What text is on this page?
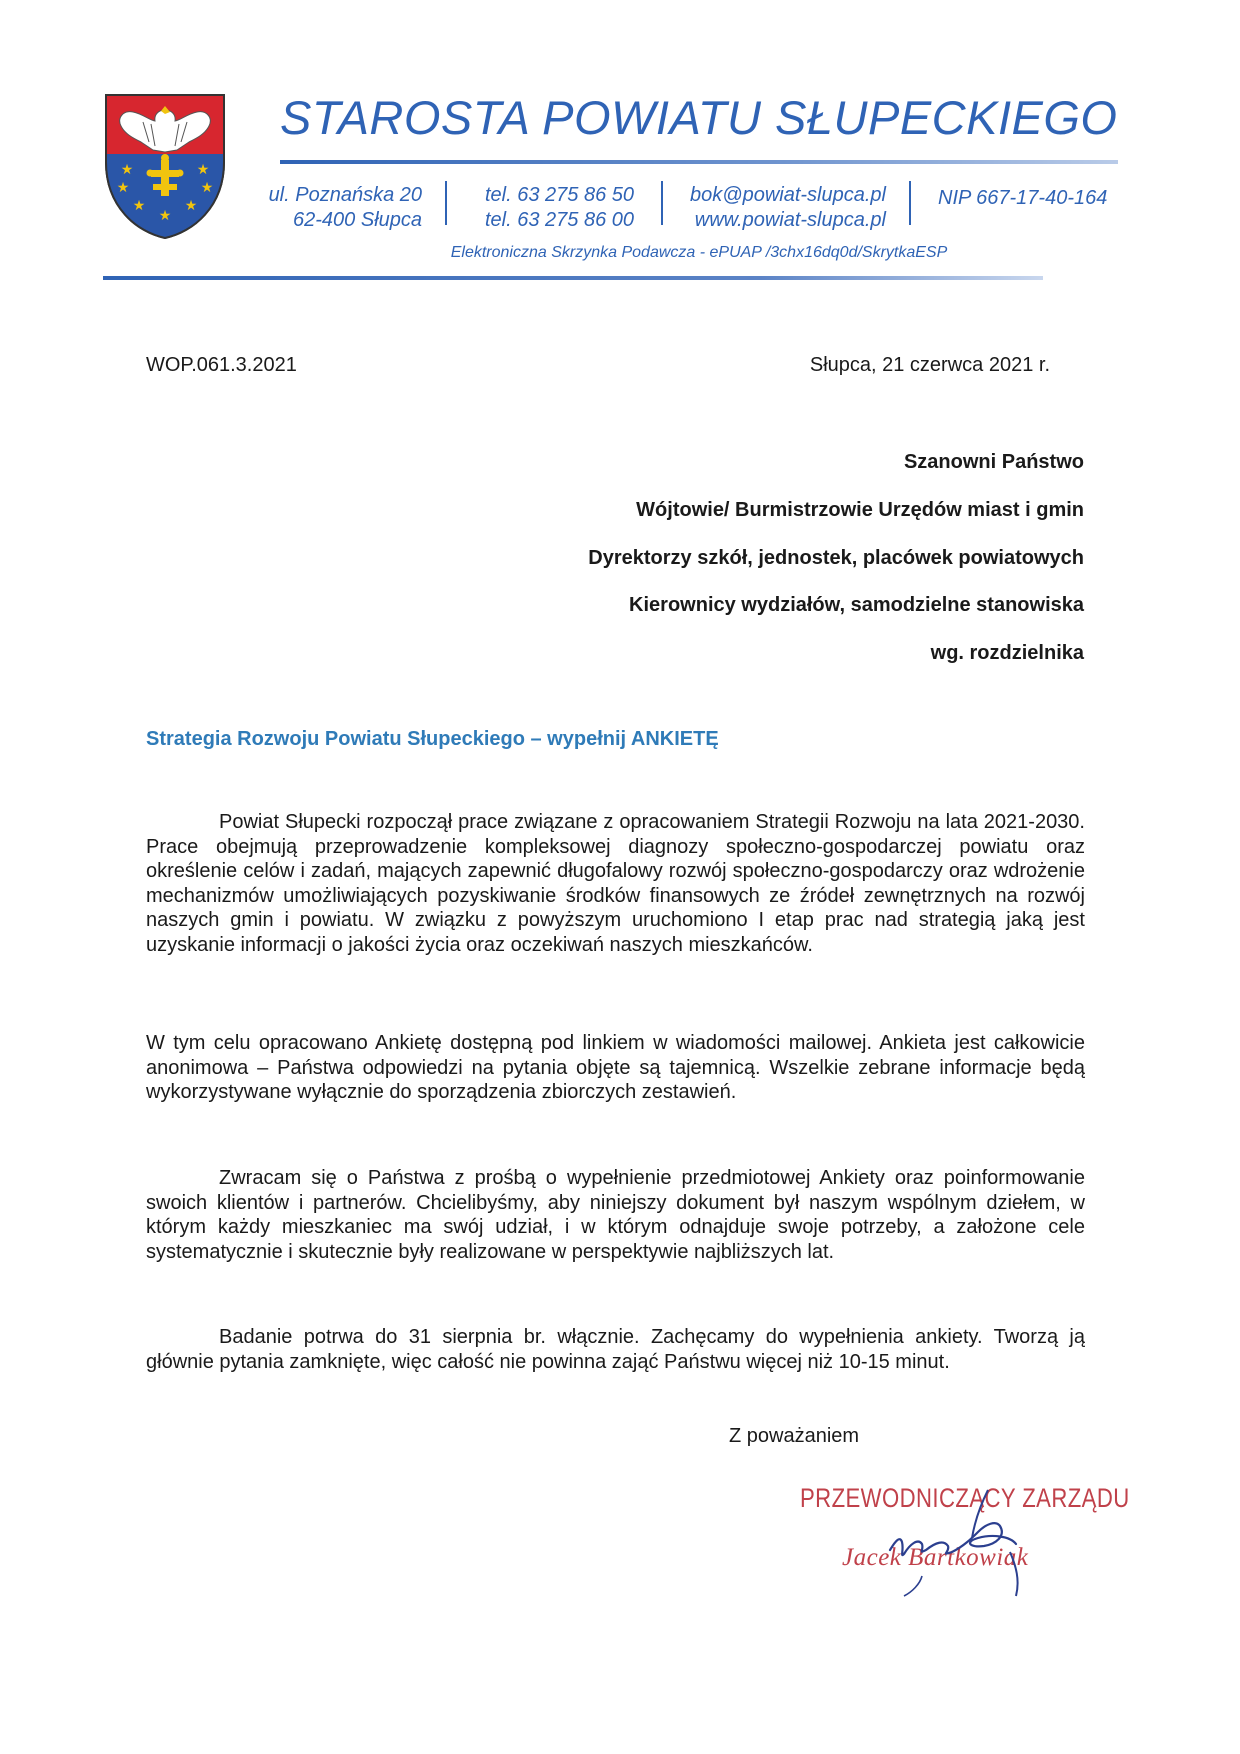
★	★
★	★
★	★
★
STAROSTA POWIATU SŁUPECKIEGO
ul. Poznańska 20
62-400 Słupca
tel. 63 275 86 50
tel. 63 275 86 00
bok@powiat-slupca.pl
www.powiat-slupca.pl
NIP 667-17-40-164
Elektroniczna Skrzynka Podawcza - ePUAP /3chx16dq0d/SkrytkaESP
WOP.061.3.2021	Słupca, 21 czerwca 2021 r.
Szanowni Państwo
Wójtowie/ Burmistrzowie Urzędów miast i gmin
Dyrektorzy szkół, jednostek, placówek powiatowych
Kierownicy wydziałów, samodzielne stanowiska
wg. rozdzielnika
Strategia Rozwoju Powiatu Słupeckiego – wypełnij ANKIETĘ

Powiat Słupecki rozpoczął prace związane z opracowaniem Strategii Rozwoju na lata 2021-2030. Prace obejmują przeprowadzenie kompleksowej diagnozy społeczno-gospodarczej powiatu oraz określenie celów i zadań, mających zapewnić długofalowy rozwój społeczno-gospodarczy oraz wdrożenie mechanizmów umożliwiających pozyskiwanie środków finansowych ze źródeł zewnętrznych na rozwój naszych gmin i powiatu. W związku z powyższym uruchomiono I etap prac nad strategią jaką jest uzyskanie informacji o jakości życia oraz oczekiwań naszych mieszkańców.

W tym celu opracowano Ankietę dostępną pod linkiem w wiadomości mailowej. Ankieta jest całkowicie anonimowa – Państwa odpowiedzi na pytania objęte są tajemnicą. Wszelkie zebrane informacje będą wykorzystywane wyłącznie do sporządzenia zbiorczych zestawień.

Zwracam się o Państwa z prośbą o wypełnienie przedmiotowej Ankiety oraz poinformowanie swoich klientów i partnerów. Chcielibyśmy, aby niniejszy dokument był naszym wspólnym dziełem, w którym każdy mieszkaniec ma swój udział, i w którym odnajduje swoje potrzeby, a założone cele systematycznie i skutecznie były realizowane w perspektywie najbliższych lat.

Badanie potrwa do 31 sierpnia br. włącznie. Zachęcamy do wypełnienia ankiety. Tworzą ją głównie pytania zamknięte, więc całość nie powinna zająć Państwu więcej niż 10-15 minut.

Z poważaniem
PRZEWODNICZĄCY ZARZĄDU
Jacek Bartkowiak
